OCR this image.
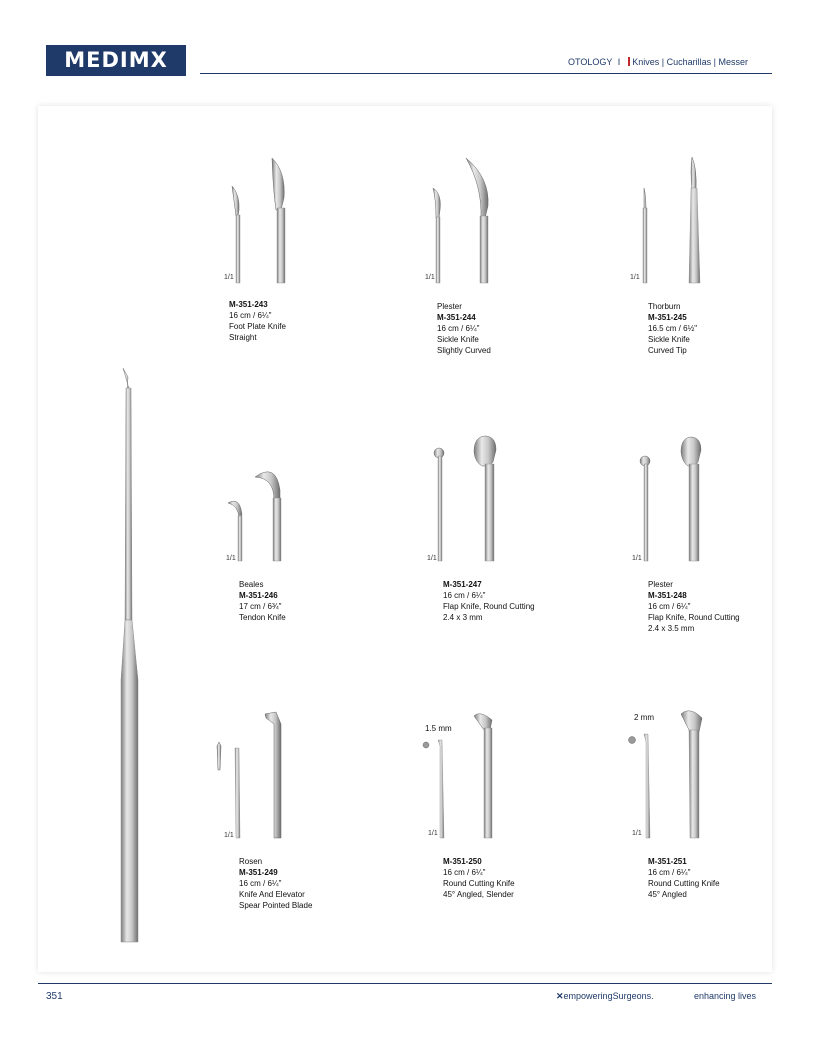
MEDIMX	OTOLOGY I Knives | Cucharillas | Messer
1/1	1/1	1/1
1/1	1/1	1/1
1/1	1/1	1/1
1.5 mm
2 mm
M-351-243
16 cm / 6¼"
Foot Plate Knife
Straight
Plester
M-351-244
16 cm / 6¼"
Sickle Knife
Slightly Curved
Thorburn
M-351-245
16.5 cm / 6½"
Sickle Knife
Curved Tip
Beales
M-351-246
17 cm / 6¾"
Tendon Knife
M-351-247
16 cm / 6¼"
Flap Knife, Round Cutting
2.4 x 3 mm
Plester
M-351-248
16 cm / 6¼"
Flap Knife, Round Cutting
2.4 x 3.5 mm
Rosen
M-351-249
16 cm / 6¼"
Knife And Elevator
Spear Pointed Blade
M-351-250
16 cm / 6¼"
Round Cutting Knife
45° Angled, Slender
M-351-251
16 cm / 6¼"
Round Cutting Knife
45° Angled
351	✕empoweringSurgeons.	enhancing lives
